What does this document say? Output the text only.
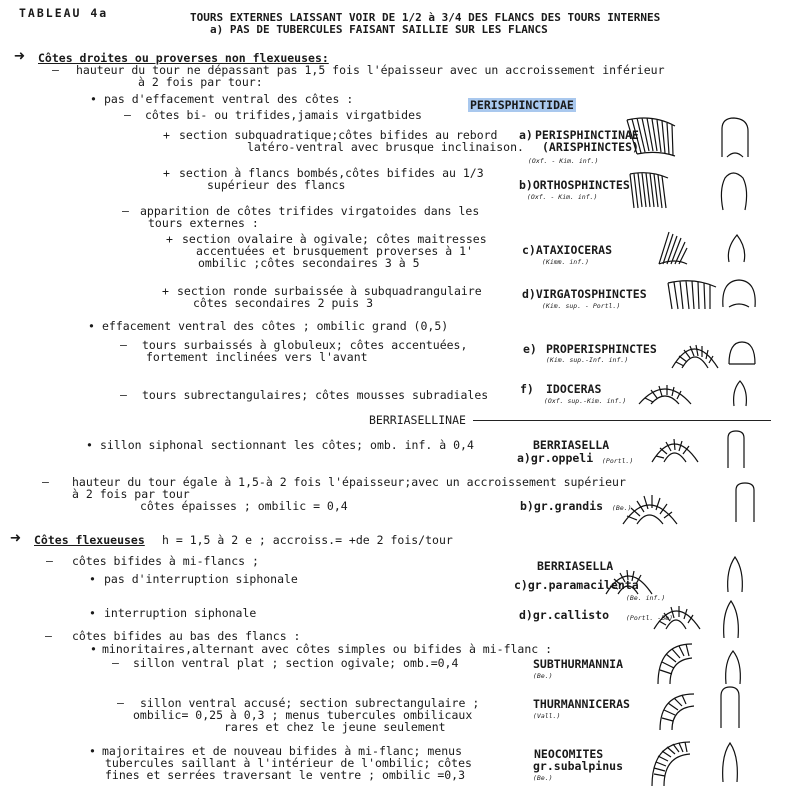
TABLEAU 4a	TOURS EXTERNES LAISSANT VOIR DE 1/2 à 3/4 DES FLANCS DES TOURS INTERNES
a) PAS DE TUBERCULES FAISANT SAILLIE SUR LES FLANCS
➜ Côtes droites ou proverses non flexueuses:
— hauteur du tour ne dépassant pas 1,5 fois l'épaisseur avec un accroissement inférieur
à 2 fois par tour:
• pas d'effacement ventral des côtes :
— côtes bi- ou trifides,jamais virgatbides
PERISPHINCTIDAE
+ section subquadratique;côtes bifides au rebord
latéro-ventral avec brusque inclinaison.
a) PERISPHINCTINAE
(ARISPHINCTES)
(Oxf. - Kim. inf.)
+ section à flancs bombés,côtes bifides au 1/3
supérieur des flancs	b)ORTHOSPHINCTES
(Oxf. - Kim. inf.)
— apparition de côtes trifides virgatoides dans les
tours externes :
+ section ovalaire à ogivale; côtes maitresses
accentuées et brusquement proverses à 1'
ombilic ;côtes secondaires 3 à 5
c)ATAXIOCERAS
(Kimm. inf.)
+ section ronde surbaissée à subquadrangulaire
côtes secondaires 2 puis 3
d)VIRGATOSPHINCTES
(Kim. sup. - Portl.)
• effacement ventral des côtes ; ombilic grand (0,5)
— tours surbaissés à globuleux; côtes accentuées,
fortement inclinées vers l'avant
e) PROPERISPHINCTES
(Kim. sup.-Inf. inf.)
— tours subrectangulaires; côtes mousses subradiales	f) IDOCERAS
(Oxf. sup.-Kim. inf.)
BERRIASELLINAE
• sillon siphonal sectionnant les côtes; omb. inf. à 0,4	BERRIASELLA
a)gr.oppeli (Portl.)
— hauteur du tour égale à 1,5-à 2 fois l'épaisseur;avec un accroissement supérieur
à 2 fois par tour
côtes épaisses ; ombilic = 0,4	b)gr.grandis (Be.)
➜ Côtes flexueuses h = 1,5 à 2 e ; accroiss.= +de 2 fois/tour
— côtes bifides à mi-flancs ;	BERRIASELLA
• pas d'interruption siphonale	c)gr.paramacilenta
(Be. inf.)
• interruption siphonale	d)gr.callisto	(Portl. -Be)
— côtes bifides au bas des flancs :
• minoritaires,alternant avec côtes simples ou bifides à mi-flanc :
— sillon ventral plat ; section ogivale; omb.=0,4	SUBTHURMANNIA
(Be.)
— sillon ventral accusé; section subrectangulaire ;
ombilic= 0,25 à 0,3 ; menus tubercules ombilicaux
rares et chez le jeune seulement
THURMANNICERAS
(Vall.)
• majoritaires et de nouveau bifides à mi-flanc; menus
tubercules saillant à l'intérieur de l'ombilic; côtes
fines et serrées traversant le ventre ; ombilic =0,3
NEOCOMITES
gr.subalpinus
(Be.)
